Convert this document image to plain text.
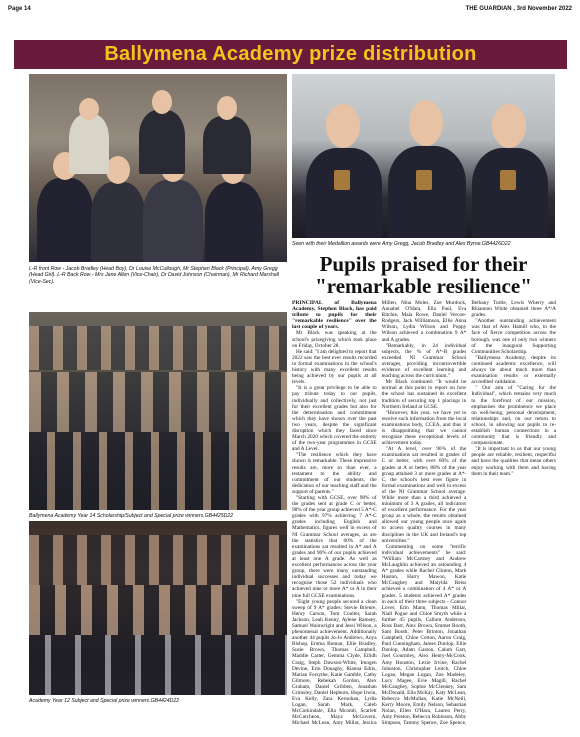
Page 14	THE GUARDIAN , 3rd November 2022
Ballymena Academy prize distribution
L-R front Row - Jacob Bradley (Head Boy), Dr Louise McCullough, Mr Stephen Black (Principal), Amy Gregg (Head Girl). L-R Back Row - Mrs Jane Allen (Vice-Chair), Dr David Johnson (Chairman), Mr Richard Marshall (Vice-Sec).
Seen with their Medallion awards were Amy Gregg, Jacob Bradley and Alex Byrne.GB4426D22
Pupils praised for their "remarkable resilience"
Ballymena Academy Year 14 Scholarship/Subject and Special prize winners.GB4425D22
Academy Year 12 Subject and Special prize winners.GB4424D22

PRINCIPAL of Ballymena Academy, Stephen Black, has paid tribute to pupils for their "remarkable resilience" over the last couple of years.

Mr Black was speaking at the school's prizegiving which took place on Friday, October 28.

He said: "I am delighted to report that 2022 saw the best ever results recorded in formal examinations in the school's history with many excellent results being achieved by our pupils at all levels.

"It is a great privilege to be able to pay tribute today to our pupils, individually and collectively, not just for their excellent grades but also for the determination and commitment which they have shown over the past two years, despite the significant disruption which they faced since March 2020 which covered the entirety of the two-year programmes in GCSE and A Level.

"The resilience which they have shown is remarkable. These impressive results are, more so than ever, a testament to the ability and commitment of our students, the dedication of our teaching staff and the support of parents."

"Starting with GCSE, over 98% of the grades sent at grade C or better, 98% of the year group achieved 5 A*-C grades with 97% achieving 7 A*-C grades including English and Mathematics, figures well in excess of NI Grammar School averages, as are the statistics that 60% of the examinations sat resulted in A* and A grades and 96% of our pupils achieved at least one A grade. As well as excellent performances across the year group, there were many outstanding individual successes and today we recognise those 52 individuals who achieved nine or more A* or A in their nine full GCSE examinations.

"Eight young people secured a clean sweep of 9 A* grades: Stevie Brienre, Henry Carson, Tom Coulter, Sarah Jackson, Leah Kenny, Aylene Ramsey, Samuel Wainwright and Jessi Wilson, a phenomenal achievement. Additionally another 44 pupils Jo-Jo Andrews, Anya Bishop, Emma Bonnar, Ellie Bradley, Susie Brown, Thomas Campbell, Maddie Carter, Gemma Clyde, Eilidh Craig, Steph Dawson-White, Imogen Devine, Erin Donaghy, Rianna Edris, Marian Forsythe, Katie Gamble, Cathy Gilmore, Rebekah Gordon, Alex Graham, Daniel Gribben, Jonathan Grimsley, Daniel Hepburn, Hope Irwin, Eva Kelly, Zara Kernohan, Lydia Logan, Sarah Mark, Caleb McCorkindale, Ella Mcomb, Scarlett McCutcheon, Maya McGovern, Michael McLean, Amy Millar, Jessica Millen, Nina Moles, Zoe Murdock, Annabel O'Hara, Ella Paul, Eva Ritchie, Maia Rowe, Daniel Vercoe-Rodgers, Jack Williamson, Ellie Anna Wilson, Lydia Wilson and Poppy Wilson achieved a combination 9 A* and A grades.

"Remarkably, in 24 individual subjects, the % of A*-B grades exceeded NI Grammar School averages, providing incontrovertible evidence of excellent learning and teaching across the curriculum."

Mr Black continued: "It would be normal at this point to report on how the school has sustained its excellent tradition of securing top 1 placings in Northern Ireland at GCSE.

"However, this year, we have yet to receive such information from the local examinations body, CCEA, and thus it is disappointing that we cannot recognise these exceptional levels of achievement today.

"At A level, over 96% of the examinations sat resulted in grades of C or better, with over 60% of the grades at A or better, 88% of the year group attained 3 or more grades at A*-C, the school's best ever figure in formal examinations and well in excess of the NI Grammar School average. While more than a third achieved a minimum of 3 A grades, all indicators of excellent performance. For the year group as a whole, the results obtained allowed our young people once again to access quality courses in many disciplines in the UK and Ireland's top universities."

Commenting on some "terrific individual achievements" he said: "William McCartney and Andrew McLaughlin achieved an astounding 4 A* grades while Rachel Clinton, Mark Huston, Harry Mawon, Katie McCaughey and Matylda Reiss achieved a combination of 4 A* or A grades. 5 students achieved A* grades in each of their three subjects - Connor Lover, Erin Mann, Thomas Millar, Niall Pogue and Chloe Smyth while a further 45 pupils, Callum Anderson, Ross Barr, Alex Brown, Emmet Booth, Sam Booth, Peter Brinton, Jonathan Campbell, Chloe Cotton, Aaron Craig, Paul Cunningham, James Dunlop, Ellie Dunlop, Adam Gaston, Calum Gart, Joel Gourmley, Alex Henry-McCook, Amy Houston, Lexie Irvine, Rachel Johnston, Christopher Leitch, Chloe Logan, Megan Logan, Zoe Madeley, Lucy Magee, Evie Magill, Rachel McCaughey, Sophie McClenney, Sam McDonald, Ella McKay, Katy McLean, Rebecca McMullan, Katie McNeill, Kerry Moore, Emily Nelson, Sebastian Nolan, Ellen O'Hara, Lauren Perry, Amy Preston, Rebecca Robinson, Abby Simpson, Tammy Spence, Zoe Spence, Bethany Turtle, Lewis Wherry and Rhiannon White obtained three A*/A grades.

"Another outstanding achievement was that of Alex Hamill who, in the face of fierce competition across the borough, was one of only two winners of the inaugural Supporting Communities Scholarship.

"Ballymena Academy, despite its continued academic excellence, will always be about much more than examination results or externally accredited validation.

" Our aim of "Caring for the Individual", which remains very much to the forefront of our mission, emphasises the prominence we place on well-being, personal development, relationships and, on our return to school, in allowing our pupils to re-establish human connections in a community that is friendly and compassionate.

"It is important to us that our young people are reliable, resilient, respectful and have the qualities that mean others enjoy working with them and having them in their team."
